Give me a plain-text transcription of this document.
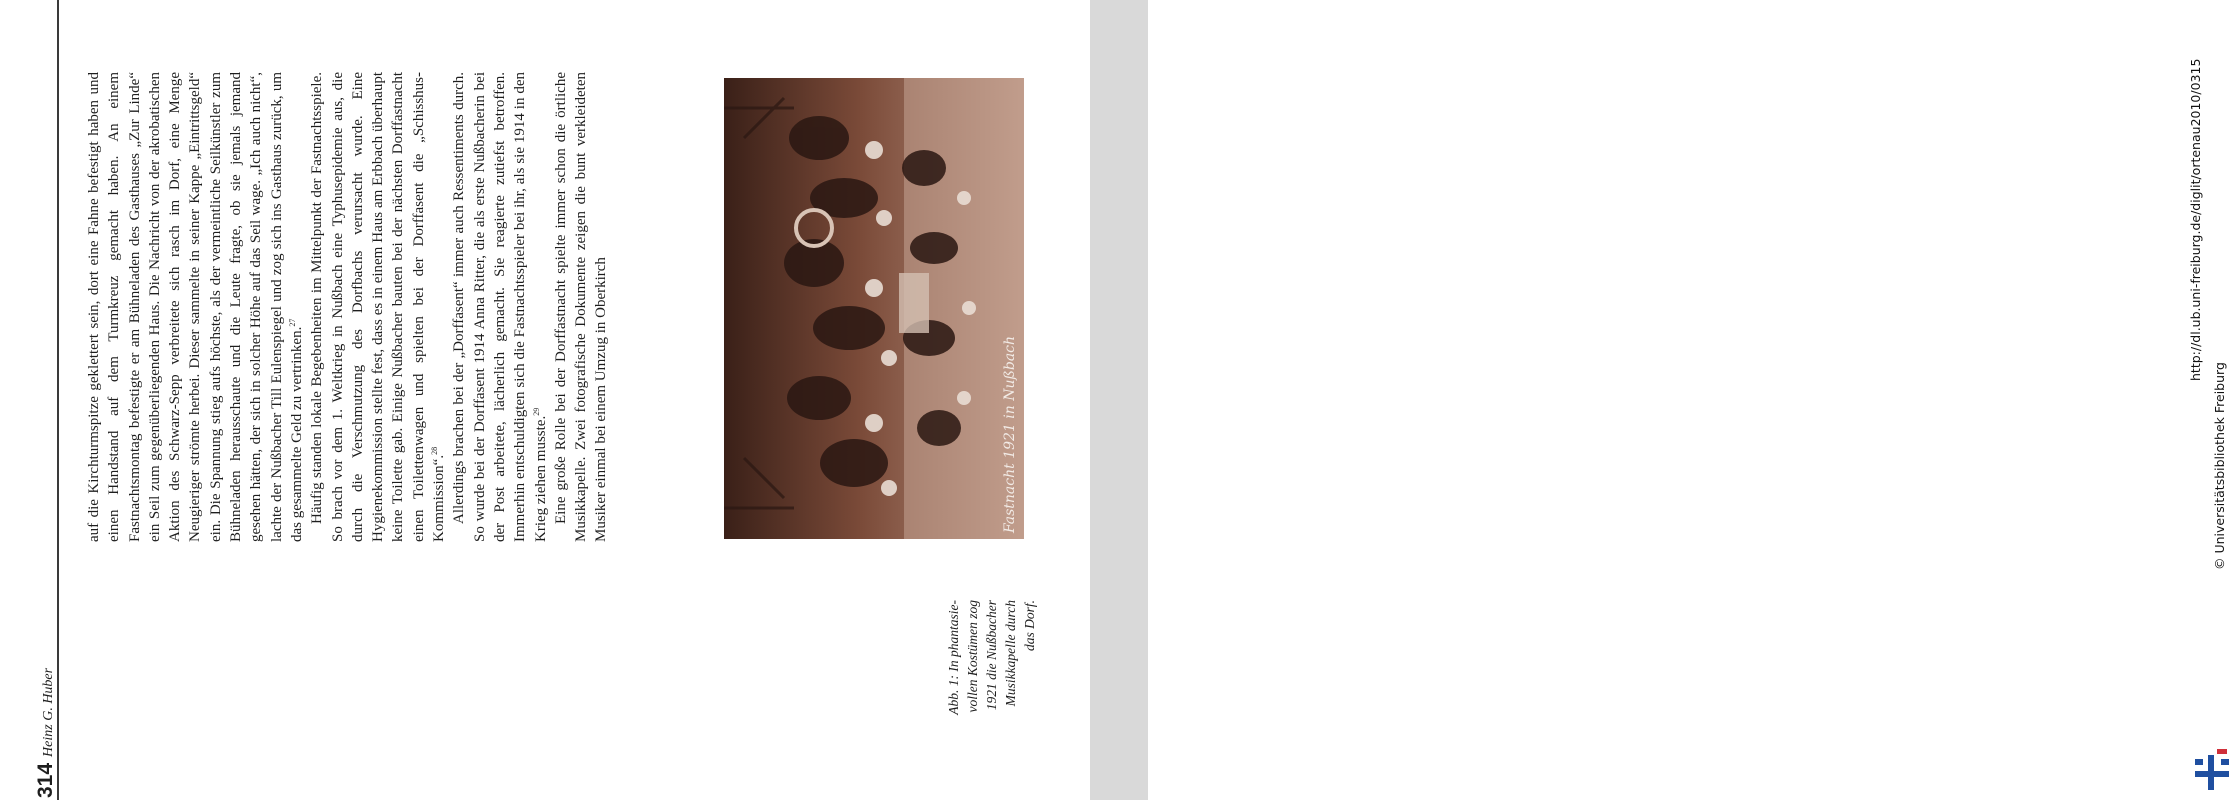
314Heinz G. Huber

auf die Kirchturmspitze geklettert sein, dort eine Fahne befestigt haben und einen Handstand auf dem Turmkreuz gemacht haben. An einem Fastnachtsmontag befestigte er am Bühneladen des Gasthauses „Zur Linde“ ein Seil zum gegenüberliegenden Haus. Die Nachricht von der akrobatischen Aktion des Schwarz-Sepp verbreitete sich rasch im Dorf, eine Menge Neugieriger strömte herbei. Dieser sammelte in seiner Kappe „Eintrittsgeld“ ein. Die Spannung stieg aufs höchste, als der vermeintliche Seilkünstler zum Bühneladen herausschaute und die Leute fragte, ob sie jemals jemand gesehen hätten, der sich in solcher Höhe auf das Seil wage. „Ich auch nicht“, lachte der Nußbacher Till Eulenspiegel und zog sich ins Gasthaus zurück, um das gesammelte Geld zu vertrinken.$^{27}$ Häufig standen lokale Begebenheiten im Mittelpunkt der Fastnachtsspiele. So brach vor dem 1. Weltkrieg in Nußbach eine Typhusepidemie aus, die durch die Verschmutzung des Dorfbachs verursacht wurde. Eine Hygienekommission stellte fest, dass es in einem Haus am Erbbach überhaupt keine Toilette gab. Einige Nußbacher bauten bei der nächsten Dorffastnacht einen Toilettenwagen und spielten bei der Dorffasent die „Schisshus-Kommission“.$^{28}$ Allerdings brachen bei der „Dorffasent“ immer auch Ressentiments durch. So wurde bei der Dorffasent 1914 Anna Ritter, die als erste Nußbacherin bei der Post arbeitete, lächerlich gemacht. Sie reagierte zutiefst betroffen. Immerhin entschuldigten sich die Fastnachtsspieler bei ihr, als sie 1914 in den Krieg ziehen musste.$^{29}$ Eine große Rolle bei der Dorffastnacht spielte immer schon die örtliche Musikkapelle. Zwei fotografische Dokumente zeigen die bunt verkleideten Musiker einmal bei einem Umzug in Oberkirch	Fastnacht 1921 in Nußbach
Abb. 1: In phantasie- vollen Kostümen zog 1921 die Nußbacher Musikkapelle durch das Dorf.
http://dl.ub.uni-freiburg.de/diglit/ortenau2010/0315
© Universitätsbibliothek Freiburg
